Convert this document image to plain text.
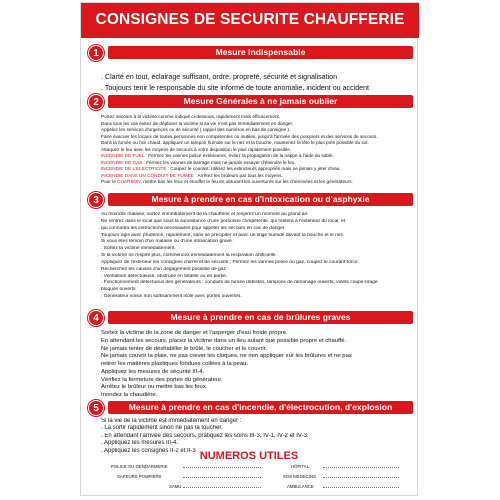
CONSIGNES DE SECURITE CHAUFFERIE
1	Mesure Indispensable
. Clarté en tout, éclairage suffisant, ordre, propreté, sécurité et signalisation
. Toujours tenir le responsable du site informé de toute anomalie, incident ou accident
2	Mesure Générales à ne jamais oublier
Portez secours à la victime comme indiqué ci-dessous, rapidement mais efficacement.
Dans tous les cas évitez de déplacer la victime si sa vie n'est pas immédiatement en danger.
Appelez les services d'urgences ou de sécurité ( rappel des numéros en bas de consigne ).
Faire évacuer les locaux de toutes personnes non compétentes ou inutiles, jusqu'à l'arrivée des pompiers et des services de secours.
Dans la fumée ou l'air chaud, appliquez un tampon humide sur le nez et la bouche, maintenez la tête le plus près possible du sol.
Attaquez le feu avec les moyens de secours à votre disposition le plus rapidement possible.
INCENDIE DE FUEL : Fermez les vannes police extérieures, évitez la propagation de la nappe à l'aide du sable.
INCENDIE DE GAZ : Fermez les vannes de barrage mais ne jamais essayer d'éteindre le feu.
INCENDIE DE L'ELECTRICITE : Coupez le courant, utilisez les extincteurs appropriés mais ne jamais y jeter d'eau.
INCENDIE DANS UN CONDUIT DE FUMEE : Arrêtez les brûleurs par tous les moyens.
Pour le CHARBON, mettre bas les feux et étouffer le feu en obturant les ouvertures sur les cheminées et les générateurs.
3	Mesure à prendre en cas d'intoxication ou d'asphyxie
Au moindre malaise, sortez immédiatement de la chaufferie et respirez un moment au grand air.
Ne rentrez dans le local que sous la surveillance d'une personne compétente, qui restera à l'extérieur du local, et
qui connaîtra les instructions nécessaires pour appeler les secours en cas de danger.
Toujours agis avec prudence, rapidement, sans se précipiter et avec un linge humide devant la bouche et le nez.
Si vous êtes témoin d'un malaise ou d'une intoxication grave :
. Sortez la victime immédiatement.
Si la victime ne respire plus, commencez immédiatement la respiration artificielle.
Appliquez de l'extérieur les consignes d'arrêt et de sécurité : Fermez les vannes police ou gaz, coupez le courant force.
Recherchez les causes d'un dégagement possible de gaz :
. Ventilation défectueuse, obstruée en totalité ou en partie.
. Fonctionnement défectueux des générateurs : conduits de fumée débistés, tampons de ramonage ouverts, volets coupe-tirage
bloqués ouverts
. Générateur voisin non suffisamment isolé avec portes ouvertes.
4	Mesure à prendre en cas de brûlures graves
Sortez la victime de la zone de danger et l'asperger d'eau froide propre.
En attendant les secours, placez la victime dans un lieu autant que possible propre et chauffé.
Ne jamais tenter de déshabiller le brûlé, le coucher et le couvrir.
Ne jamais couvrir la plaie, ne pas crever les cloques, ne rien appliquer sur les brûlures et ne pas
retirer les matières plastiques fondues collées à la peau.
Appliquez les mesures de sécurité III-4.
Vérifiez la fermeture des portes du générateur.
Arrêtez le brûleur ou mettre bas les feux.
Inondez la chaudière.
5	Mesure à prendre en cas d'incendie, d'électrocution, d'explosion
Si la vie de la victime est immédiatement en danger :
. La sortir rapidement sinon ne pas la toucher.
. En attendant l'arrivée des secours, pratiquez les soins III-3, IV-1, IV-2 et IV-3.
. Appliquez les mesures III-4.
. Appliquez les consignes II-2 et II-3 NUMEROS UTILES
POLICE OU GENDARMERIE	HÔPITAL
SAPEURS POMPIERS	SOS MÉDECINS
SAMU	AMBULANCE
